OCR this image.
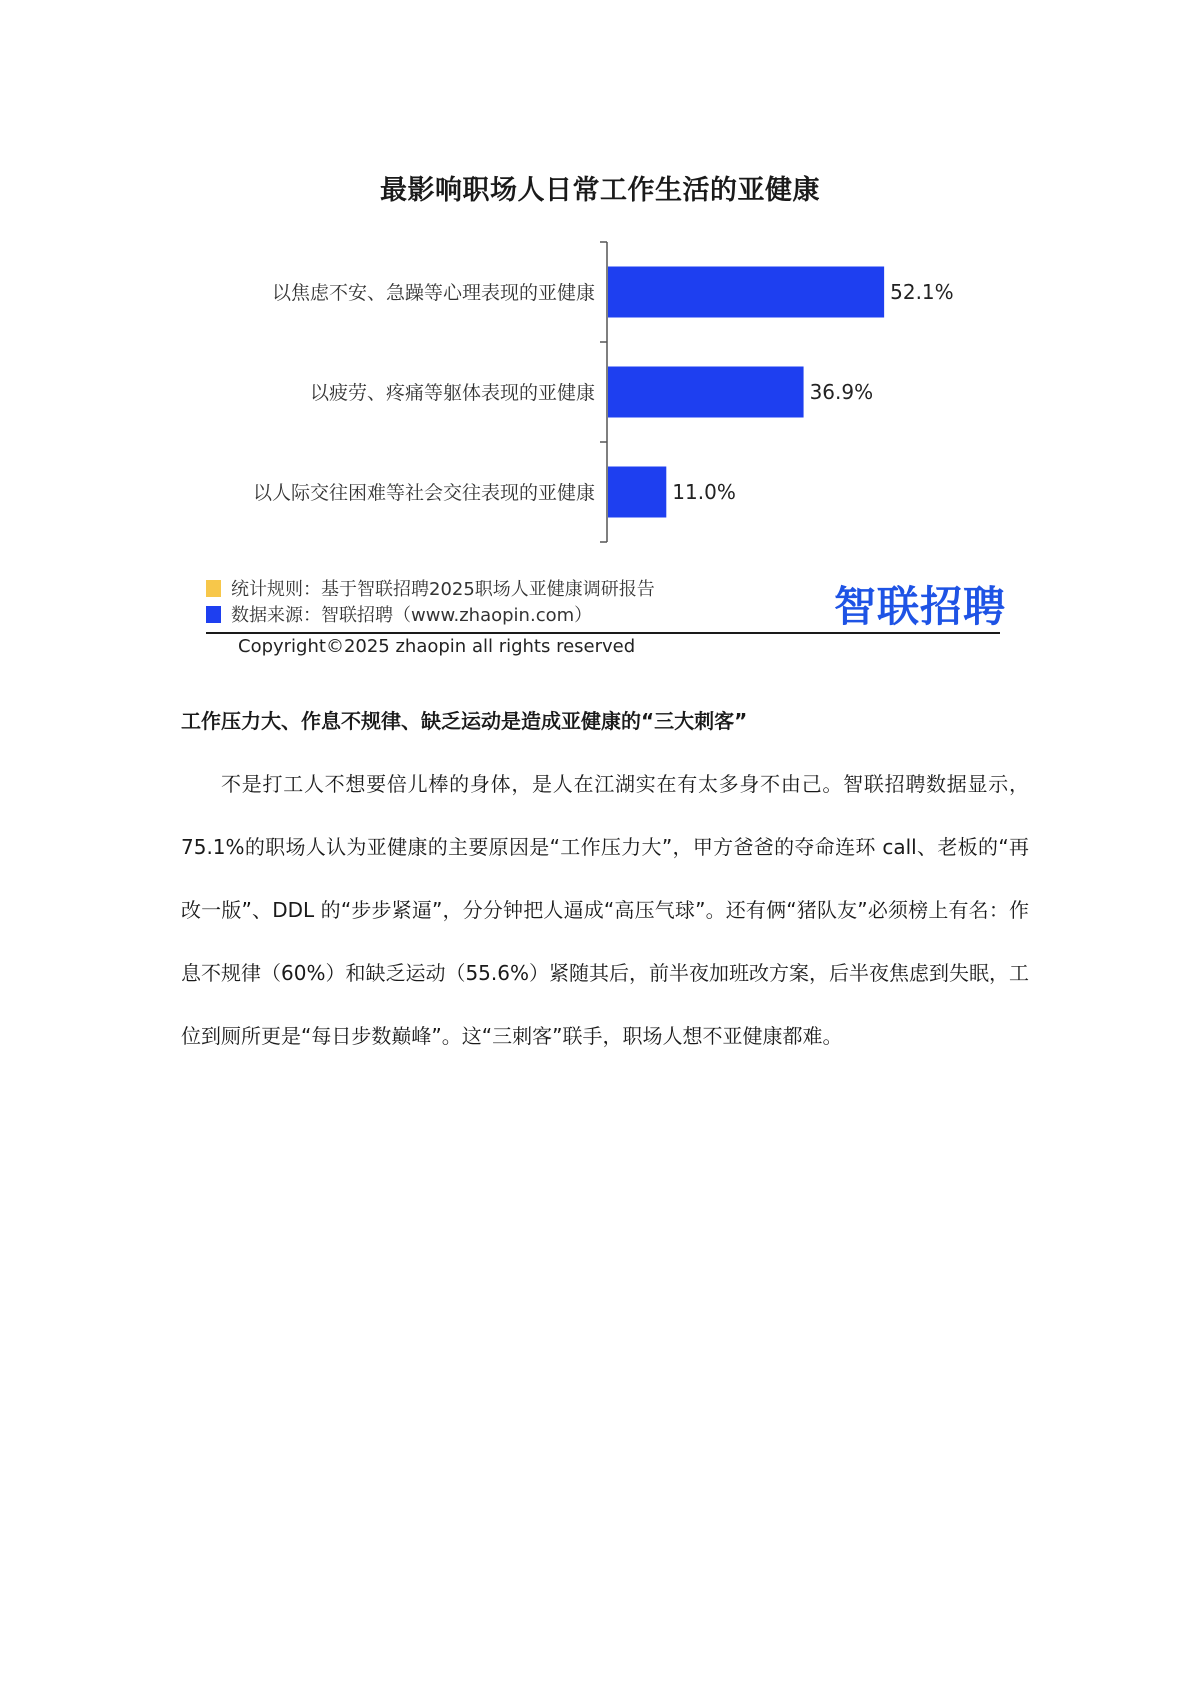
最影响职场人日常工作生活的亚健康
以焦虑不安、急躁等心理表现的亚健康	52.1%
以疲劳、疼痛等躯体表现的亚健康	36.9%
以人际交往困难等社会交往表现的亚健康	11.0%
统计规则：基于智联招聘2025职场人亚健康调研报告
数据来源：智联招聘（www.zhaopin.com）	智联招聘
Copyright©2025 zhaopin all rights reserved
工作压力大、作息不规律、缺乏运动是造成亚健康的“三大刺客”
不是打工人不想要倍儿棒的身体，是人在江湖实在有太多身不由己。智联招聘数据显示，75.1%的职场人认为亚健康的主要原因是“工作压力大”，甲方爸爸的夺命连环 call、老板的“再改一版”、DDL 的“步步紧逼”，分分钟把人逼成“高压气球”。还有俩“猪队友”必须榜上有名：作息不规律（60%）和缺乏运动（55.6%）紧随其后，前半夜加班改方案，后半夜焦虑到失眠，工位到厕所更是“每日步数巅峰”。这“三刺客”联手，职场人想不亚健康都难。
